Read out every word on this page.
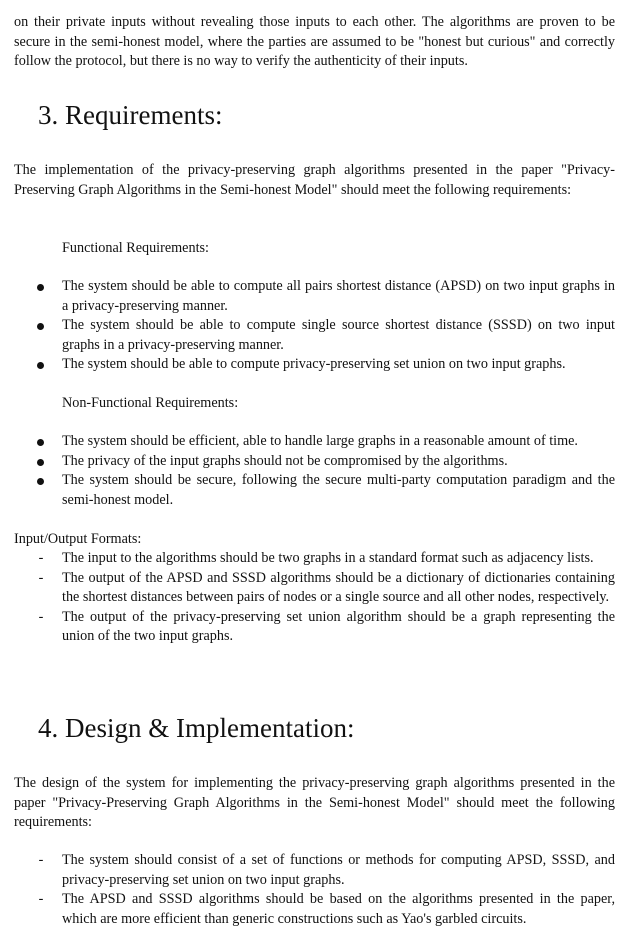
on their private inputs without revealing those inputs to each other. The algorithms are proven to be secure in the semi-honest model, where the parties are assumed to be "honest but curious" and correctly follow the protocol, but there is no way to verify the authenticity of their inputs.

3. Requirements:

The implementation of the privacy-preserving graph algorithms presented in the paper "Privacy-Preserving Graph Algorithms in the Semi-honest Model" should meet the following requirements:

Functional Requirements:

The system should be able to compute all pairs shortest distance (APSD) on two input graphs in a privacy-preserving manner.
The system should be able to compute single source shortest distance (SSSD) on two input graphs in a privacy-preserving manner.
The system should be able to compute privacy-preserving set union on two input graphs.

Non-Functional Requirements:

The system should be efficient, able to handle large graphs in a reasonable amount of time.
The privacy of the input graphs should not be compromised by the algorithms.
The system should be secure, following the secure multi-party computation paradigm and the semi-honest model.

Input/Output Formats:

- The input to the algorithms should be two graphs in a standard format such as adjacency lists.
- The output of the APSD and SSSD algorithms should be a dictionary of dictionaries containing the shortest distances between pairs of nodes or a single source and all other nodes, respectively.
- The output of the privacy-preserving set union algorithm should be a graph representing the union of the two input graphs.
4. Design & Implementation:

The design of the system for implementing the privacy-preserving graph algorithms presented in the paper "Privacy-Preserving Graph Algorithms in the Semi-honest Model" should meet the following requirements:

- The system should consist of a set of functions or methods for computing APSD, SSSD, and privacy-preserving set union on two input graphs.
- The APSD and SSSD algorithms should be based on the algorithms presented in the paper, which are more efficient than generic constructions such as Yao's garbled circuits.
